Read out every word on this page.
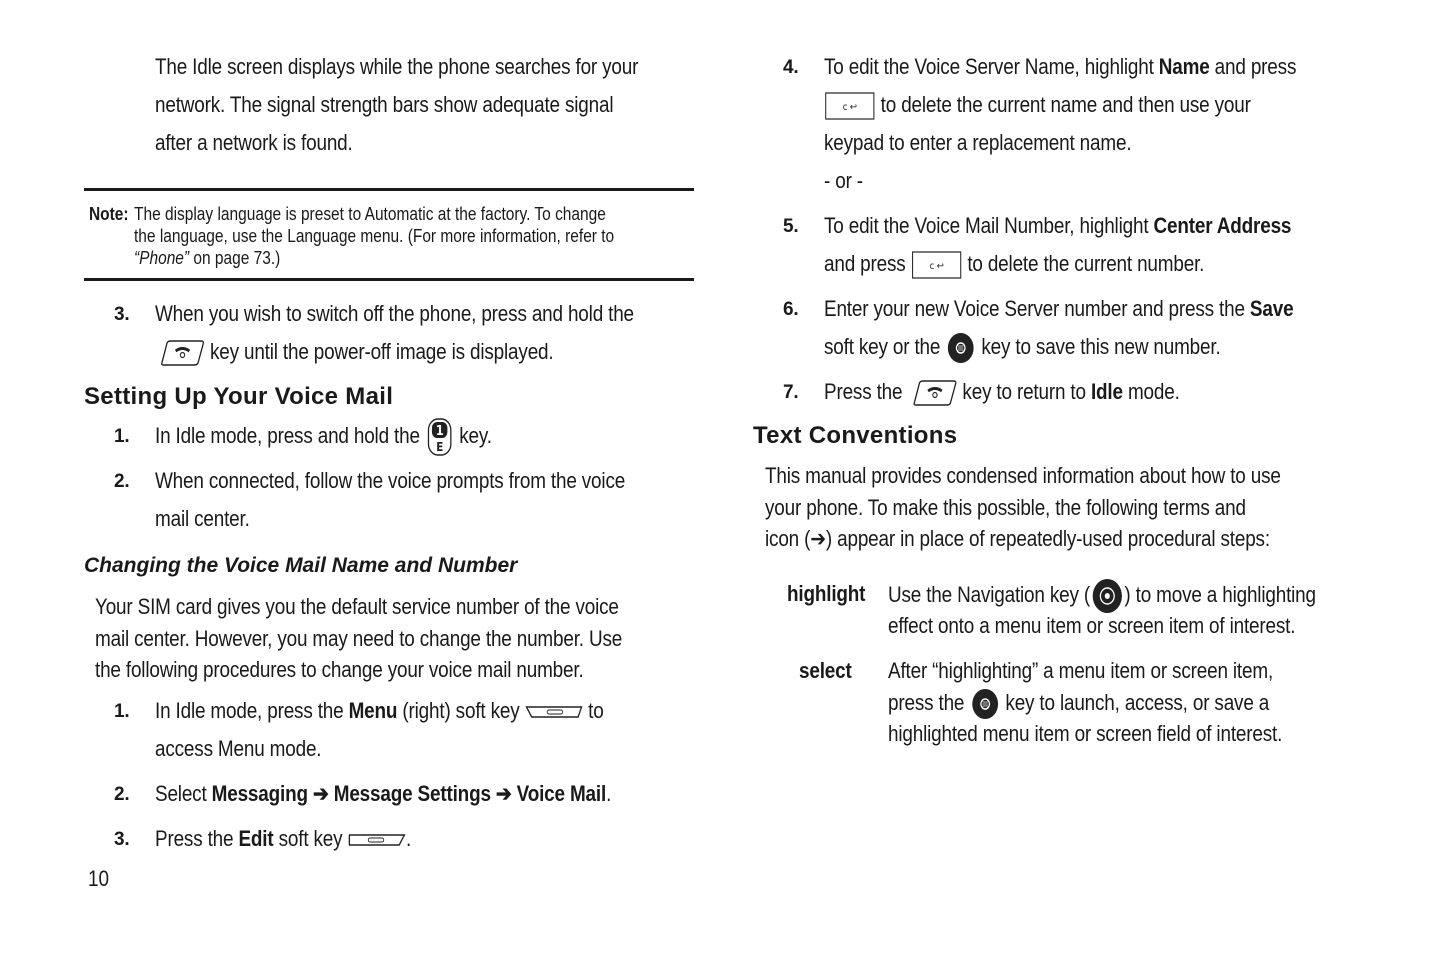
The Idle screen displays while the phone searches for your
network. The signal strength bars show adequate signal
after a network is found.
Note: The display language is preset to Automatic at the factory. To change
the language, use the Language menu. (For more information, refer to
“Phone” on page 73.)
3. When you wish to switch off the phone, press and hold the
key until the power-off image is displayed.
Setting Up Your Voice Mail
1. In Idle mode, press and hold the 1
E key.
2. When connected, follow the voice prompts from the voice
mail center.
Changing the Voice Mail Name and Number
Your SIM card gives you the default service number of the voice
mail center. However, you may need to change the number. Use
the following procedures to change your voice mail number.
1. In Idle mode, press the Menu (right) soft key	to
access Menu mode.
2. Select Messaging ➔ Message Settings ➔ Voice Mail.
3. Press the Edit soft key	.
4. To edit the Voice Server Name, highlight Name and press
c ↩ to delete the current name and then use your
keypad to enter a replacement name.
- or -
5. To edit the Voice Mail Number, highlight Center Address
and press c ↩ to delete the current number.
6. Enter your new Voice Server number and press the Save
soft key or the
key to save this new number.
7. Press the
key to return to Idle mode.
Text Conventions
This manual provides condensed information about how to use
your phone. To make this possible, the following terms and
icon (➔) appear in place of repeatedly-used procedural steps:
highlight	Use the Navigation key ( ) to move a highlighting
effect onto a menu item or screen item of interest.
select	After “highlighting” a menu item or screen item,
press the
key to launch, access, or save a
highlighted menu item or screen field of interest.
10
